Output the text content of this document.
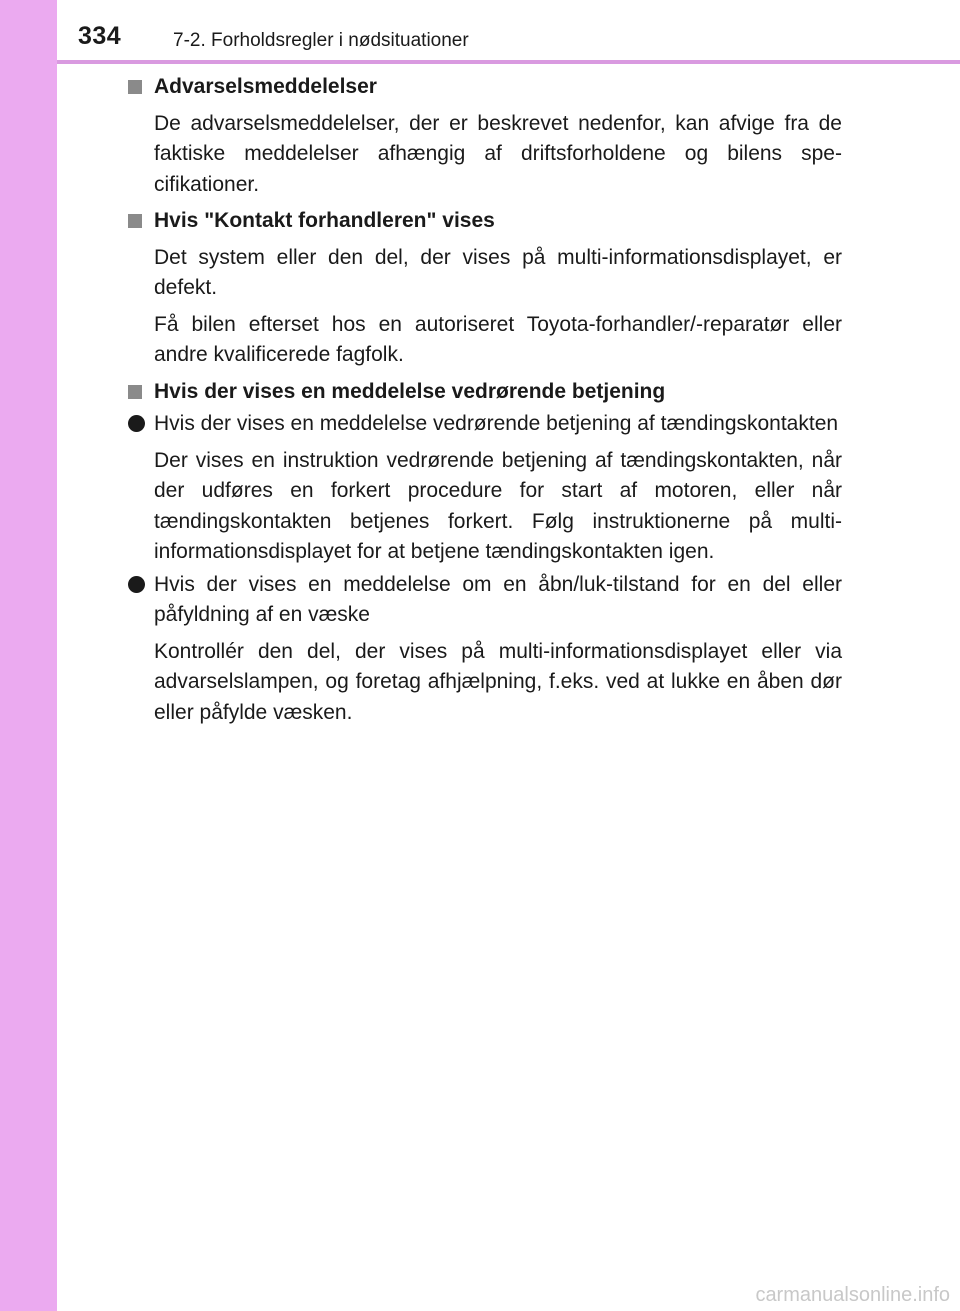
334	7-2. Forholdsregler i nødsituationer
Advarselsmeddelelser
De advarselsmeddelelser, der er beskrevet nedenfor, kan afvige fra de faktiske meddelelser afhængig af driftsforholdene og bilens specifikationer.
Hvis "Kontakt forhandleren" vises
Det system eller den del, der vises på multi-informationsdisplayet, er defekt.
Få bilen efterset hos en autoriseret Toyota-forhandler/-reparatør eller andre kvalificerede fagfolk.
Hvis der vises en meddelelse vedrørende betjening
Hvis der vises en meddelelse vedrørende betjening af tændingskontakten
Der vises en instruktion vedrørende betjening af tændingskontakten, når der udføres en forkert procedure for start af motoren, eller når tændingskontakten betjenes forkert. Følg instruktionerne på multi-informationsdisplayet for at betjene tændingskontakten igen.
Hvis der vises en meddelelse om en åbn/luk-tilstand for en del eller påfyldning af en væske
Kontrollér den del, der vises på multi-informationsdisplayet eller via advarselslampen, og foretag afhjælpning, f.eks. ved at lukke en åben dør eller påfylde væsken.
carmanualsonline.info
